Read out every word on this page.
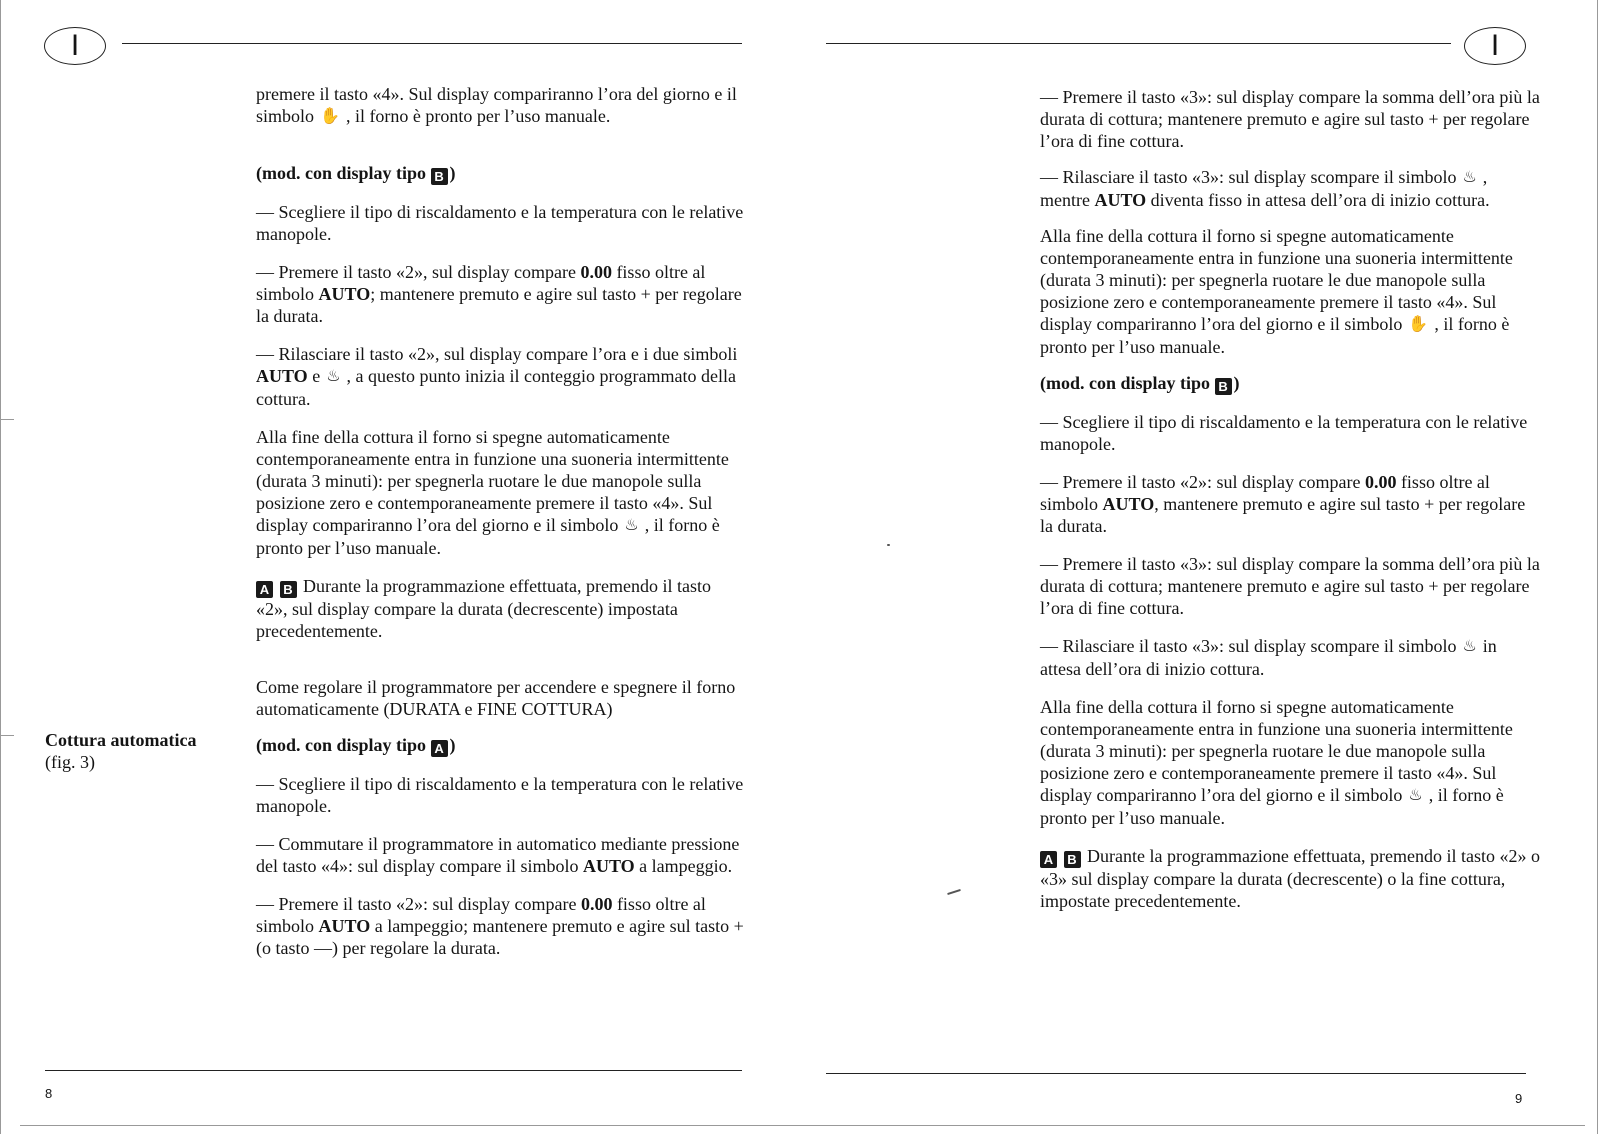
I
Cottura automatica
(fig. 3)

premere il tasto «4». Sul display compariranno l’ora del giorno e il simbolo ✋ , il forno è pronto per l’uso manuale.

(mod. con display tipo B )

— Scegliere il tipo di riscaldamento e la temperatura con le relative manopole.

— Premere il tasto «2», sul display compare 0.00 fisso oltre al simbolo AUTO; mantenere premuto e agire sul tasto + per regolare la durata.

— Rilasciare il tasto «2», sul display compare l’ora e i due simboli AUTO e ♨ , a questo punto inizia il conteggio programmato della cottura.

Alla fine della cottura il forno si spegne automaticamente contemporaneamente entra in funzione una suoneria intermittente (durata 3 minuti): per spegnerla ruotare le due manopole sulla posizione zero e contemporaneamente premere il tasto «4». Sul display compariranno l’ora del giorno e il simbolo ♨ , il forno è pronto per l’uso manuale.

A B Durante la programmazione effettuata, premendo il tasto «2», sul display compare la durata (decrescente) impostata precedentemente.

Come regolare il programmatore per accendere e spegnere il forno automaticamente (DURATA e FINE COTTURA)

(mod. con display tipo A )

— Scegliere il tipo di riscaldamento e la temperatura con le relative manopole.

— Commutare il programmatore in automatico mediante pressione del tasto «4»: sul display compare il simbolo AUTO a lampeggio.

— Premere il tasto «2»: sul display compare 0.00 fisso oltre al simbolo AUTO a lampeggio; mantenere premuto e agire sul tasto + (o tasto —) per regolare la durata.

8
I

— Premere il tasto «3»: sul display compare la somma dell’ora più la durata di cottura; mantenere premuto e agire sul tasto + per regolare l’ora di fine cottura.

— Rilasciare il tasto «3»: sul display scompare il simbolo ♨ , mentre AUTO diventa fisso in attesa dell’ora di inizio cottura.

Alla fine della cottura il forno si spegne automaticamente contemporaneamente entra in funzione una suoneria intermittente (durata 3 minuti): per spegnerla ruotare le due manopole sulla posizione zero e contemporaneamente premere il tasto «4». Sul display compariranno l’ora del giorno e il simbolo ✋ , il forno è pronto per l’uso manuale.

(mod. con display tipo B )

— Scegliere il tipo di riscaldamento e la temperatura con le relative manopole.

— Premere il tasto «2»: sul display compare 0.00 fisso oltre al simbolo AUTO, mantenere premuto e agire sul tasto + per regolare la durata.

— Premere il tasto «3»: sul display compare la somma dell’ora più la durata di cottura; mantenere premuto e agire sul tasto + per regolare l’ora di fine cottura.

— Rilasciare il tasto «3»: sul display scompare il simbolo ♨ in attesa dell’ora di inizio cottura.

Alla fine della cottura il forno si spegne automaticamente contemporaneamente entra in funzione una suoneria intermittente (durata 3 minuti): per spegnerla ruotare le due manopole sulla posizione zero e contemporaneamente premere il tasto «4». Sul display compariranno l’ora del giorno e il simbolo ♨ , il forno è pronto per l’uso manuale.

A B Durante la programmazione effettuata, premendo il tasto «2» o «3» sul display compare la durata (decrescente) o la fine cottura, impostate precedentemente.

9
